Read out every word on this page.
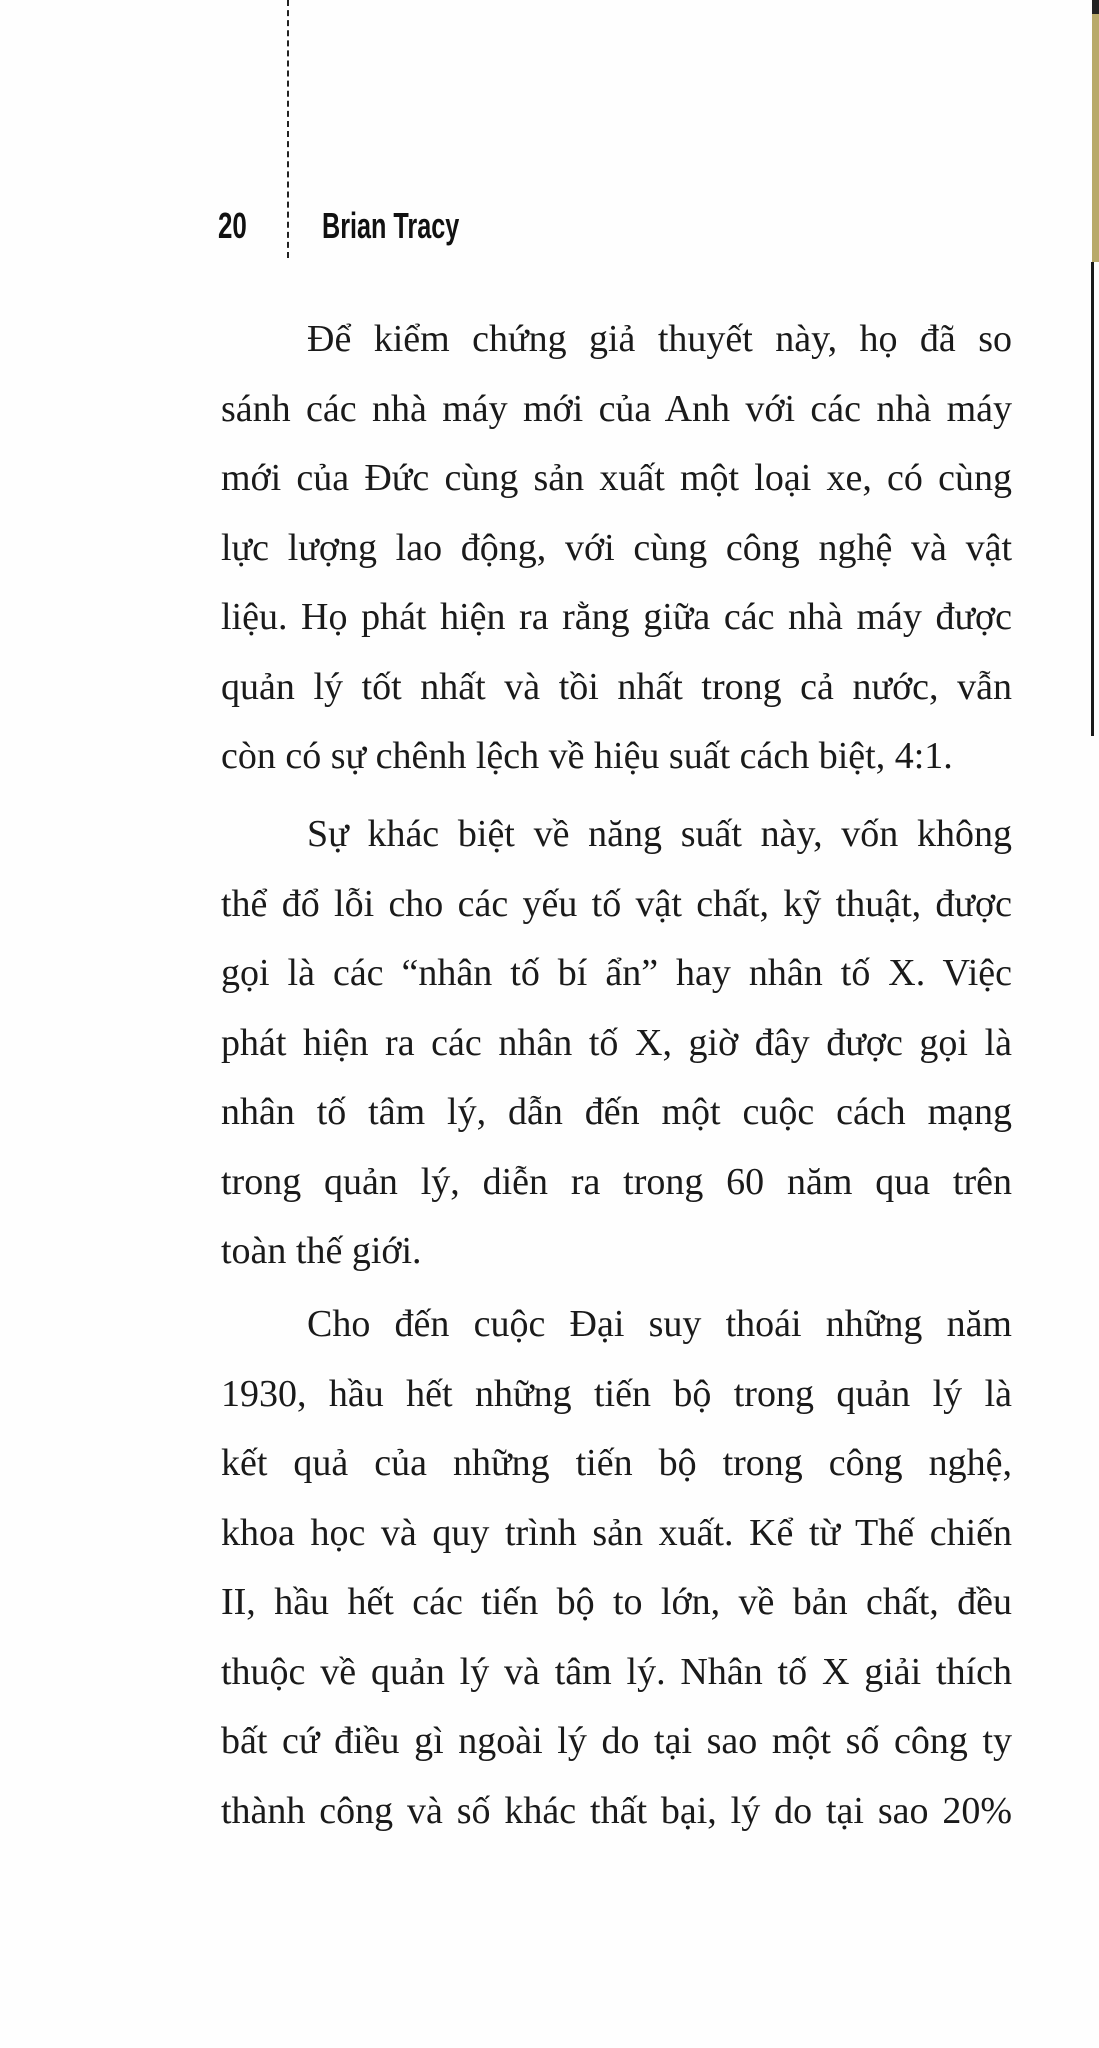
20 Brian Tracy
Để kiểm chứng giả thuyết này, họ đã so
sánh các nhà máy mới của Anh với các nhà máy
mới của Đức cùng sản xuất một loại xe, có cùng
lực lượng lao động, với cùng công nghệ và vật
liệu. Họ phát hiện ra rằng giữa các nhà máy được
quản lý tốt nhất và tồi nhất trong cả nước, vẫn
còn có sự chênh lệch về hiệu suất cách biệt, 4:1.
Sự khác biệt về năng suất này, vốn không
thể đổ lỗi cho các yếu tố vật chất, kỹ thuật, được
gọi là các “nhân tố bí ẩn” hay nhân tố X. Việc
phát hiện ra các nhân tố X, giờ đây được gọi là
nhân tố tâm lý, dẫn đến một cuộc cách mạng
trong quản lý, diễn ra trong 60 năm qua trên
toàn thế giới.
Cho đến cuộc Đại suy thoái những năm
1930, hầu hết những tiến bộ trong quản lý là
kết quả của những tiến bộ trong công nghệ,
khoa học và quy trình sản xuất. Kể từ Thế chiến
II, hầu hết các tiến bộ to lớn, về bản chất, đều
thuộc về quản lý và tâm lý. Nhân tố X giải thích
bất cứ điều gì ngoài lý do tại sao một số công ty
thành công và số khác thất bại, lý do tại sao 20%
